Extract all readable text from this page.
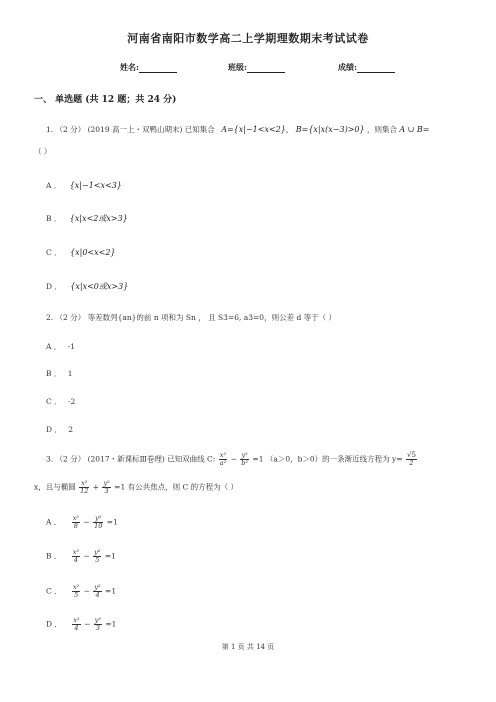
河南省南阳市数学高二上学期理数期末考试试卷
姓名:	班级:	成绩:
一、 单选题 (共 12 题；共 24 分)
1. （2 分） (2019 高一上・双鸭山期末) 已知集合 A={x|−1<x<2}， B={x|x(x−3)>0} ，则集合 A ∪ B=
（ ）
A ． {x|−1<x<3}
B ． {x|x<2或x>3}
C ． {x|0<x<2}
D ． {x|x<0或x>3}
2. （2 分） 等差数列{an}的前 n 项和为 Sn ， 且 S3=6, a3=0，则公差 d 等于（ ）
A ． -1
B ． 1
C ． -2
D ． 2
3. （2 分） (2017・新课标Ⅲ卷理) 已知双曲线 C: $\frac{\text{x²}}{\text{a²}} - \frac{\text{y²}}{\text{b²}} =1$ （a＞0，b＞0）的一条渐近线方程为 $y= \frac{√5}{2}$
x，且与椭圆 $\frac{\text{x²}}{12} + \frac{\text{y²}}{3} =1$ 有公共焦点，则 C 的方程为（ ）
A ． $\frac{\text{x²}}{8} - \frac{\text{y²}}{10} =1$
B ． $\frac{\text{x²}}{4} - \frac{\text{y²}}{5} =1$
C ． $\frac{\text{x²}}{5} - \frac{\text{y²}}{4} =1$
D ． $\frac{\text{x²}}{4} - \frac{\text{y²}}{3} =1$
第 1 页 共 14 页
